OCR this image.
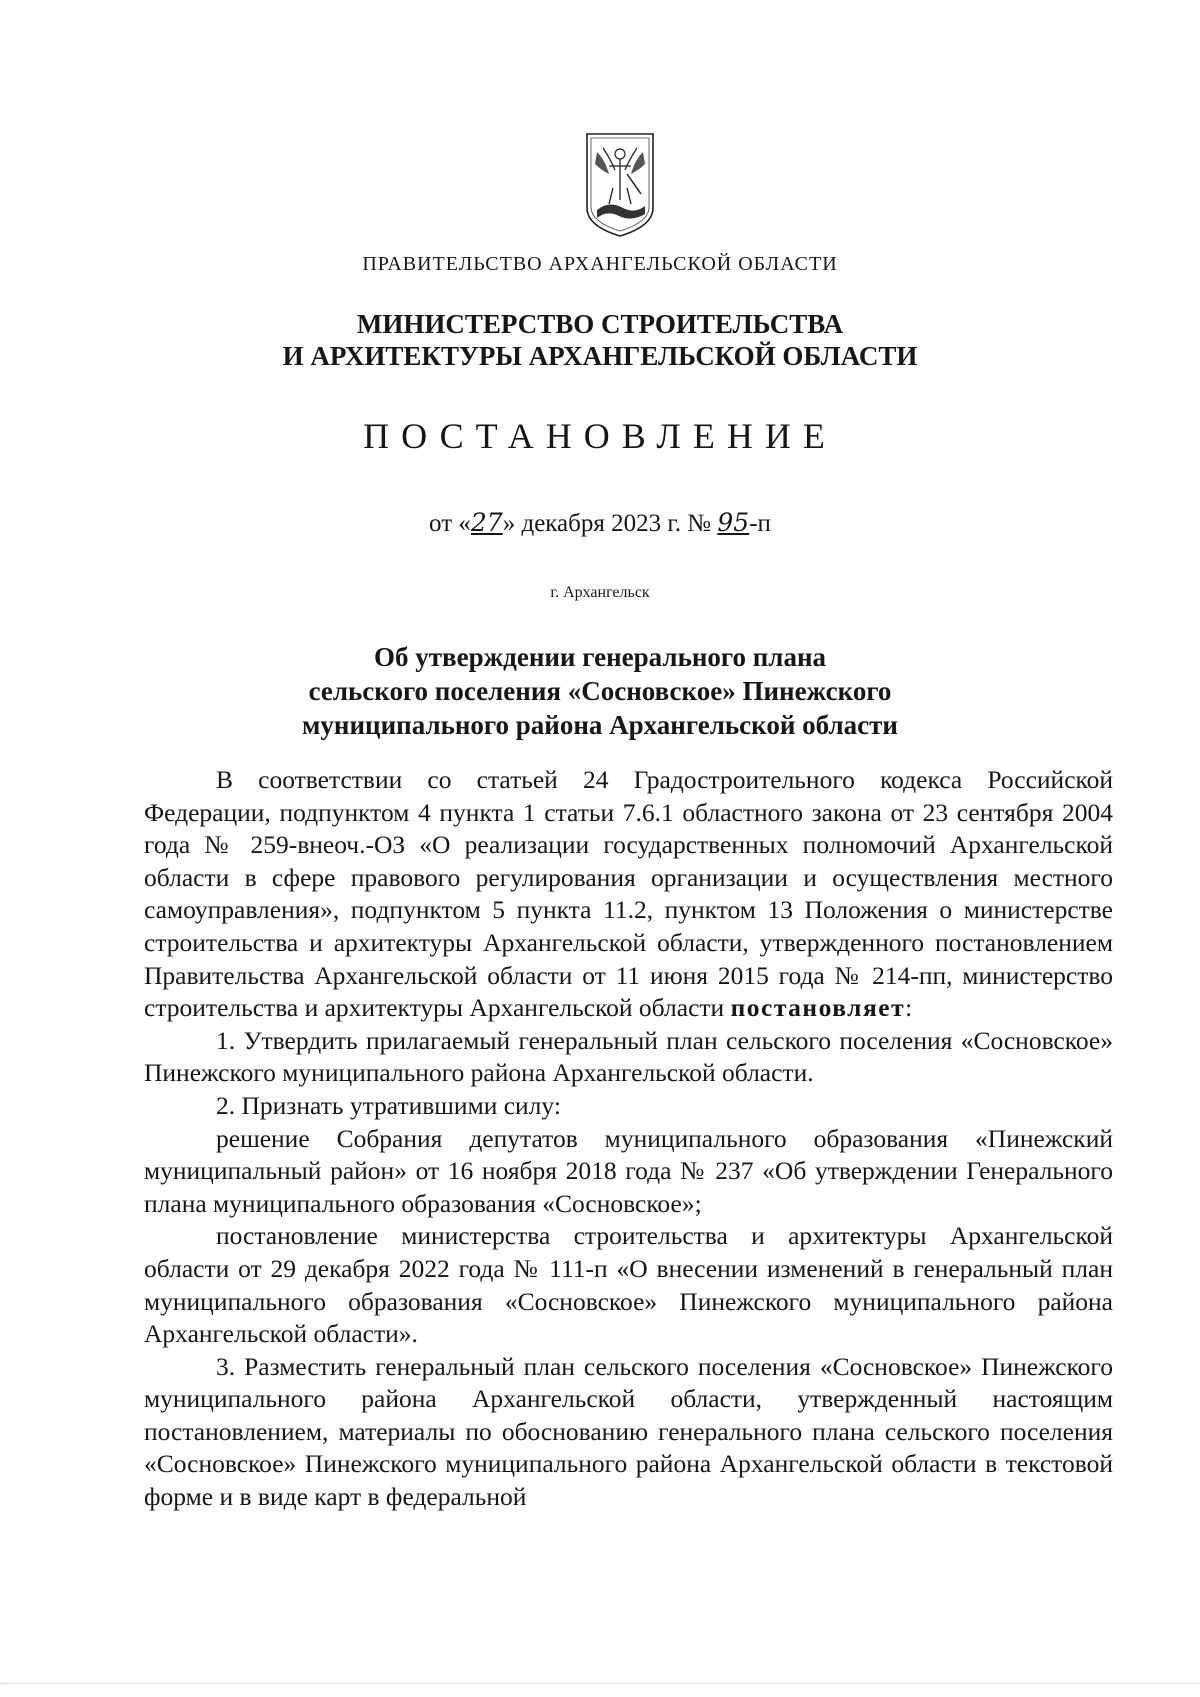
ПРАВИТЕЛЬСТВО АРХАНГЕЛЬСКОЙ ОБЛАСТИ
МИНИСТЕРСТВО СТРОИТЕЛЬСТВА
И АРХИТЕКТУРЫ АРХАНГЕЛЬСКОЙ ОБЛАСТИ
ПОСТАНОВЛЕНИЕ
от «27» декабря 2023 г. № 95-п
г. Архангельск
Об утверждении генерального плана
сельского поселения «Сосновское» Пинежского
муниципального района Архангельской области

В соответствии со статьей 24 Градостроительного кодекса Российской Федерации, подпунктом 4 пункта 1 статьи 7.6.1 областного закона от 23 сентября 2004 года № 259-внеоч.-ОЗ «О реализации государственных полномочий Архангельской области в сфере правового регулирования организации и осуществления местного самоуправления», подпунктом 5 пункта 11.2, пунктом 13 Положения о министерстве строительства и архитектуры Архангельской области, утвержденного постановлением Правительства Архангельской области от 11 июня 2015 года № 214-пп, министерство строительства и архитектуры Архангельской области постановляет:

1. Утвердить прилагаемый генеральный план сельского поселения «Сосновское» Пинежского муниципального района Архангельской области.

2. Признать утратившими силу:

решение Собрания депутатов муниципального образования «Пинежский муниципальный район» от 16 ноября 2018 года № 237 «Об утверждении Генерального плана муниципального образования «Сосновское»;

постановление министерства строительства и архитектуры Архангельской области от 29 декабря 2022 года № 111-п «О внесении изменений в генеральный план муниципального образования «Сосновское» Пинежского муниципального района Архангельской области».

3. Разместить генеральный план сельского поселения «Сосновское» Пинежского муниципального района Архангельской области, утвержденный настоящим постановлением, материалы по обоснованию генерального плана сельского поселения «Сосновское» Пинежского муниципального района Архангельской области в текстовой форме и в виде карт в федеральной
